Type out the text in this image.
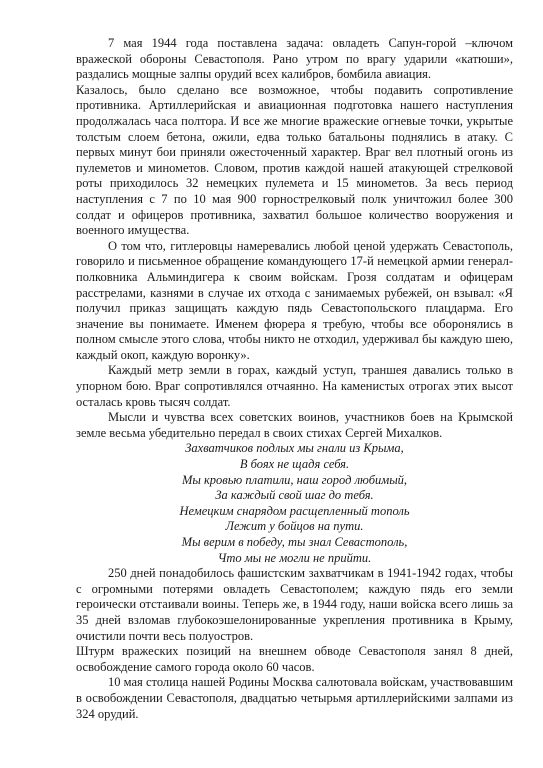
7 мая 1944 года поставлена задача: овладеть Сапун-горой –ключом вражеской обороны Севастополя. Рано утром по врагу ударили «катюши», раздались мощные залпы орудий всех калибров, бомбила авиация.

Казалось, было сделано все возможное, чтобы подавить сопротивление противника. Артиллерийская и авиационная подготовка нашего наступления продолжалась часа полтора. И все же многие вражеские огневые точки, укрытые толстым слоем бетона, ожили, едва только батальоны поднялись в атаку. С первых минут бои приняли ожесточенный характер. Враг вел плотный огонь из пулеметов и минометов. Словом, против каждой нашей атакующей стрелковой роты приходилось 32 немецких пулемета и 15 минометов. За весь период наступления с 7 по 10 мая 900 горнострелковый полк уничтожил более 300 солдат и офицеров противника, захватил большое количество вооружения и военного имущества.

О том что, гитлеровцы намеревались любой ценой удержать Севастополь, говорило и письменное обращение командующего 17-й немецкой армии генерал-полковника Альминдигера к своим войскам. Грозя солдатам и офицерам расстрелами, казнями в случае их отхода с занимаемых рубежей, он взывал: «Я получил приказ защищать каждую пядь Севастопольского плацдарма. Его значение вы понимаете. Именем фюрера я требую, чтобы все оборонялись в полном смысле этого слова, чтобы никто не отходил, удерживал бы каждую шею, каждый окоп, каждую воронку».

Каждый метр земли в горах, каждый уступ, траншея давались только в упорном бою. Враг сопротивлялся отчаянно. На каменистых отрогах этих высот осталась кровь тысяч солдат.

Мысли и чувства всех советских воинов, участников боев на Крымской земле весьма убедительно передал в своих стихах Сергей Михалков.

Захватчиков подлых мы гнали из Крыма,
В боях не щадя себя.
Мы кровью платили, наш город любимый,
За каждый свой шаг до тебя.
Немецким снарядом расщепленный тополь
Лежит у бойцов на пути.
Мы верим в победу, ты знал Севастополь,
Что мы не могли не прийти.

250 дней понадобилось фашистским захватчикам в 1941-1942 годах, чтобы с огромными потерями овладеть Севастополем; каждую пядь его земли героически отстаивали воины. Теперь же, в 1944 году, наши войска всего лишь за 35 дней взломав глубокоэшелонированные укрепления противника в Крыму, очистили почти весь полуостров.

Штурм вражеских позиций на внешнем обводе Севастополя занял 8 дней, освобождение самого города около 60 часов.

10 мая столица нашей Родины Москва салютовала войскам, участвовавшим в освобождении Севастополя, двадцатью четырьмя артиллерийскими залпами из 324 орудий.
